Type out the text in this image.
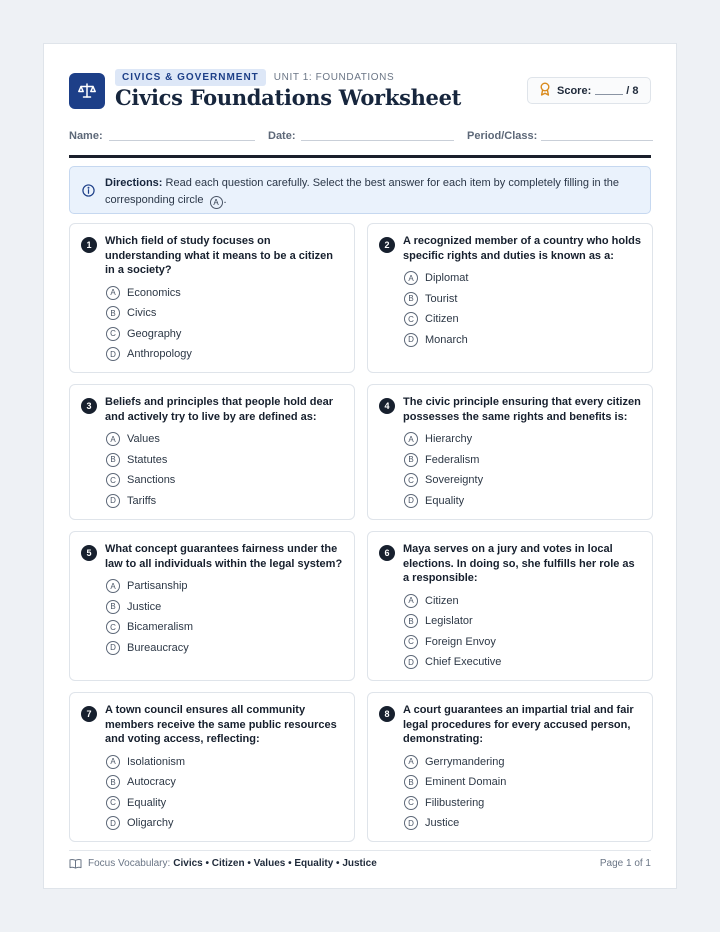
CIVICS & GOVERNMENT	UNIT 1: FOUNDATIONS
Civics Foundations Worksheet	Score:	/ 8
Name:	Date:	Period/Class:
Directions: Read each question carefully. Select the best answer for each item by completely filling in the corresponding circle A .
1	Which field of study focuses on understanding what it means to be a citizen in a society?
A	Economics
B	Civics
C	Geography
D	Anthropology
2	A recognized member of a country who holds specific rights and duties is known as a:
A	Diplomat
B	Tourist
C	Citizen
D	Monarch
3	Beliefs and principles that people hold dear and actively try to live by are defined as:
A	Values
B	Statutes
C	Sanctions
D	Tariffs
4	The civic principle ensuring that every citizen possesses the same rights and benefits is:
A	Hierarchy
B	Federalism
C	Sovereignty
D	Equality
5	What concept guarantees fairness under the law to all individuals within the legal system?
A	Partisanship
B	Justice
C	Bicameralism
D	Bureaucracy
6	Maya serves on a jury and votes in local elections. In doing so, she fulfills her role as a responsible:
A	Citizen
B	Legislator
C	Foreign Envoy
D	Chief Executive
7	A town council ensures all community members receive the same public resources and voting access, reflecting:
A	Isolationism
B	Autocracy
C	Equality
D	Oligarchy
8	A court guarantees an impartial trial and fair legal procedures for every accused person, demonstrating:
A	Gerrymandering
B	Eminent Domain
C	Filibustering
D	Justice
Focus Vocabulary: Civics • Citizen • Values • Equality • Justice	Page 1 of 1
